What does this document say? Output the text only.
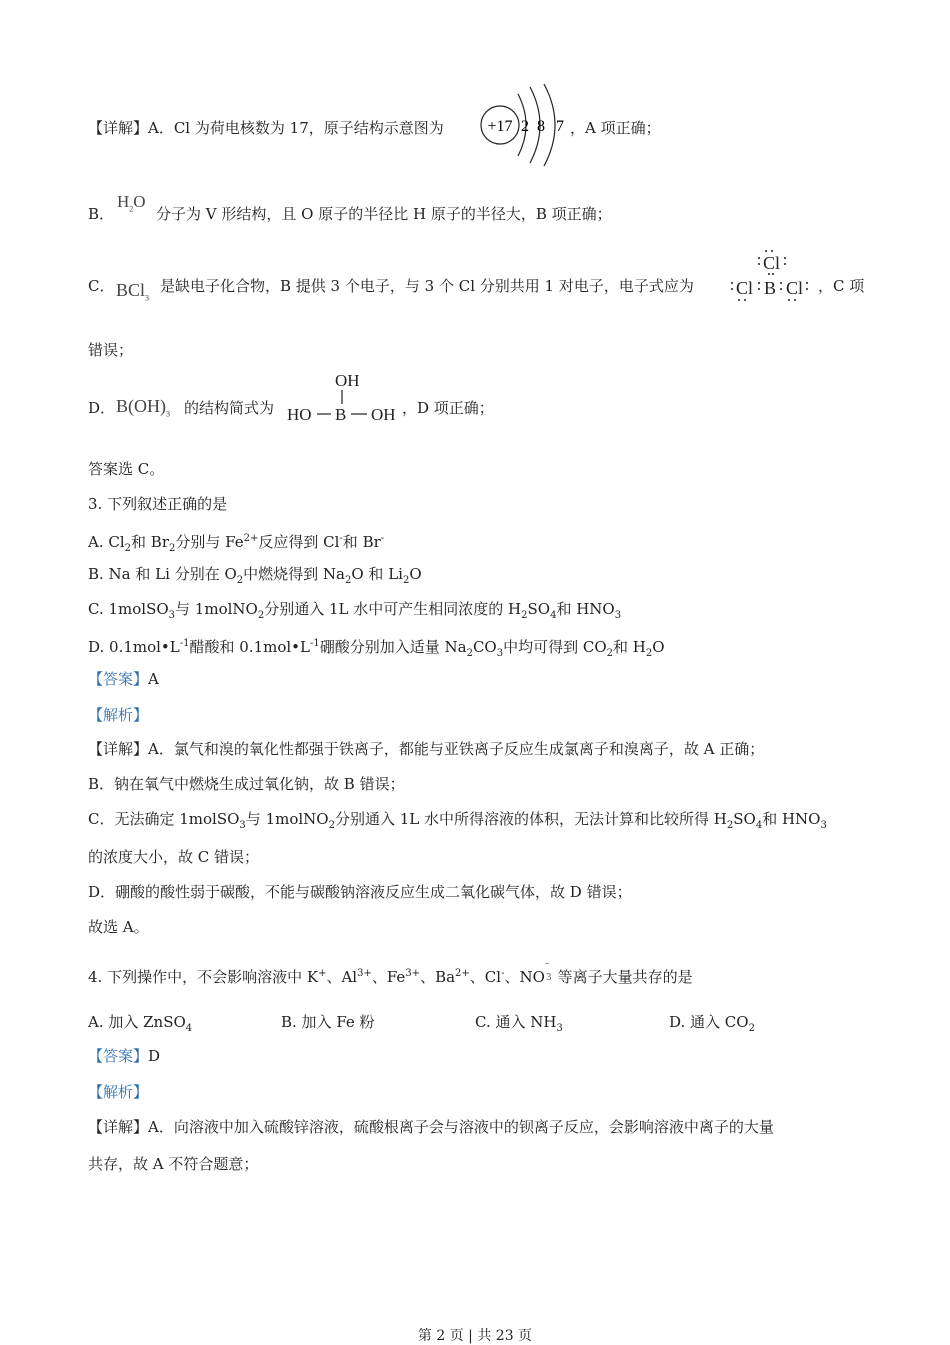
【详解】A．Cl 为荷电核数为 17，原子结构示意图为	+17 2 8 7 ，A 项正确；
B．
$H_2O$
分子为 V 形结构，且 O 原子的半径比 H 原子的半径大，B 项正确；
C． BCl$_3$
是缺电子化合物，B 提供 3 个电子，与 3 个 Cl 分别共用 1 对电子，电子式应为
Cl
Cl B Cl ，C 项
错误；
D． $B(OH)_3$ 的结构简式为
OH
HO B OH ，D 项正确；
答案选 C。
3. 下列叙述正确的是
A. $Cl_2$和 $Br_2$分别与 $Fe^{2+}$反应得到 Cl-和 Br-
B. Na 和 Li 分别在 $O_2$中燃烧得到 $Na_2O$ 和 $Li_2O$
C. 1molSO$_3$与 1molNO$_2$分别通入 1L 水中可产生相同浓度的 $H_2SO_4$和 $HNO_3$
D. $0.1mol•L^{-1}$醋酸和 $0.1mol•L^{-1}$硼酸分别加入适量 $Na_2CO_3$中均可得到 $CO_2$和 $H_2O$
【答案】A
【解析】
【详解】A．氯气和溴的氧化性都强于铁离子，都能与亚铁离子反应生成氯离子和溴离子，故 A 正确；
B．钠在氧气中燃烧生成过氧化钠，故 B 错误；
C．无法确定 1molSO$_3$与 1molNO$_2$分别通入 1L 水中所得溶液的体积，无法计算和比较所得 $H_2SO_4$和 $HNO_3$
的浓度大小，故 C 错误；
D．硼酸的酸性弱于碳酸，不能与碳酸钠溶液反应生成二氧化碳气体，故 D 错误；
故选 A。
4. 下列操作中，不会影响溶液中 K+、$Al^{3+}$、$Fe^{3+}$、$Ba^{2+}$、Cl-、NO
–
3 等离子大量共存的是
A. 加入 ZnSO$_4$	B. 加入 Fe 粉	C. 通入 $NH_3$	D. 通入 $CO_2$
【答案】D
【解析】
【详解】A．向溶液中加入硫酸锌溶液，硫酸根离子会与溶液中的钡离子反应，会影响溶液中离子的大量
共存，故 A 不符合题意；
第 2 页 | 共 23 页
